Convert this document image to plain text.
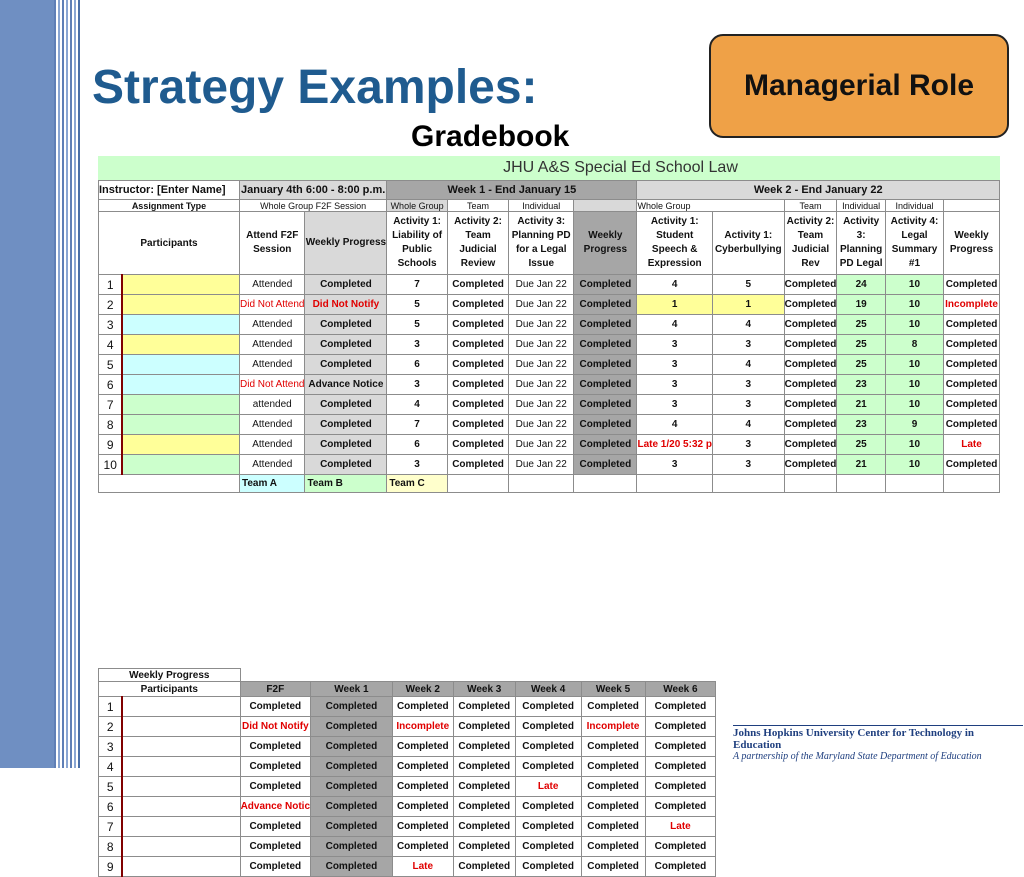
Strategy Examples:
Gradebook
Managerial Role
JHU A&S Special Ed School Law
Instructor: [Enter Name]		January 4th 6:00 - 8:00 p.m.		Week 1 - End January 15				Week 2 - End January 22					
Assignment Type		Whole Group F2F Session		Whole Group	Team	Individual		Whole Group		Team	Individual	Individual	
Participants		Attend F2F Session	Weekly Progress	Activity 1: Liability of Public Schools	Activity 2: Team Judicial Review	Activity 3: Planning PD for a Legal Issue	Weekly Progress	Activity 1: Student Speech & Expression	Activity 1: Cyberbullying	Activity 2: Team Judicial Rev	Activity 3: Planning PD Legal	Activity 4: Legal Summary #1	Weekly Progress
1		Attended	Completed	7	Completed	Due Jan 22	Completed	4	5	Completed	24	10	Completed
2		Did Not Attend	Did Not Notify	5	Completed	Due Jan 22	Completed	1	1	Completed	19	10	Incomplete
3		Attended	Completed	5	Completed	Due Jan 22	Completed	4	4	Completed	25	10	Completed
4		Attended	Completed	3	Completed	Due Jan 22	Completed	3	3	Completed	25	8	Completed
5		Attended	Completed	6	Completed	Due Jan 22	Completed	3	4	Completed	25	10	Completed
6		Did Not Attend	Advance Notice	3	Completed	Due Jan 22	Completed	3	3	Completed	23	10	Completed
7		attended	Completed	4	Completed	Due Jan 22	Completed	3	3	Completed	21	10	Completed
8		Attended	Completed	7	Completed	Due Jan 22	Completed	4	4	Completed	23	9	Completed
9		Attended	Completed	6	Completed	Due Jan 22	Completed	Late 1/20 5:32 p	3	Completed	25	10	Late
10		Attended	Completed	3	Completed	Due Jan 22	Completed	3	3	Completed	21	10	Completed
		Team A	Team B	Team C									
Weekly Progress									
Participants		F2F	Week 1	Week 2	Week 3	Week 4	Week 5	Week 6	
1		Completed	Completed	Completed	Completed	Completed	Completed	Completed	
2		Did Not Notify	Completed	Incomplete	Completed	Completed	Incomplete	Completed	
3		Completed	Completed	Completed	Completed	Completed	Completed	Completed	
4		Completed	Completed	Completed	Completed	Completed	Completed	Completed	
5		Completed	Completed	Completed	Completed	Late	Completed	Completed	
6		Advance Notic	Completed	Completed	Completed	Completed	Completed	Completed	
7		Completed	Completed	Completed	Completed	Completed	Completed	Late	
8		Completed	Completed	Completed	Completed	Completed	Completed	Completed	
9		Completed	Completed	Late	Completed	Completed	Completed	Completed	
Johns Hopkins University Center for Technology in Education
A partnership of the Maryland State Department of Education
